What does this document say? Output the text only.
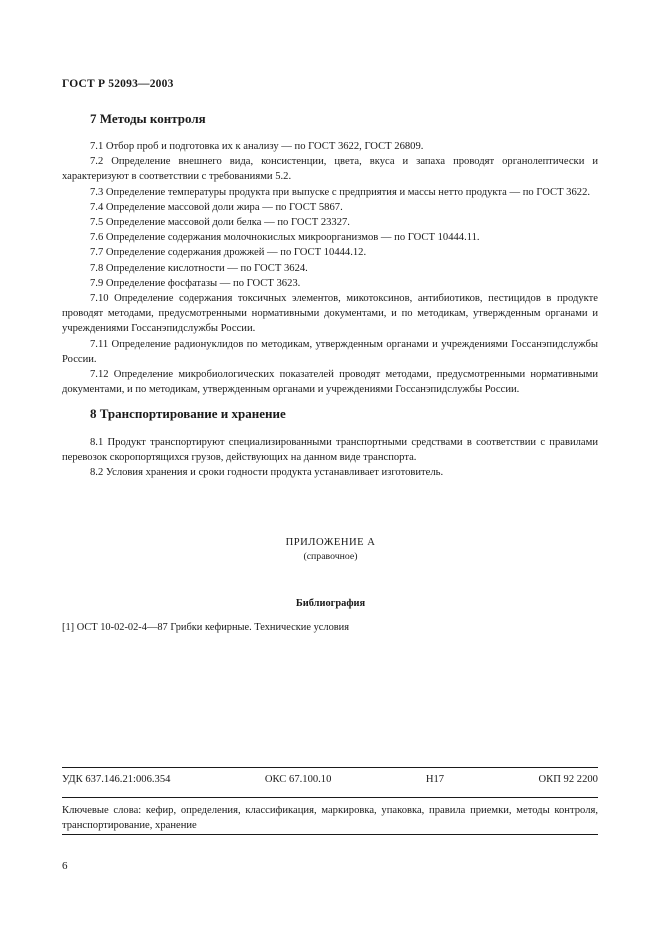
ГОСТ Р 52093—2003
7 Методы контроля

7.1 Отбор проб и подготовка их к анализу — по ГОСТ 3622, ГОСТ 26809.

7.2 Определение внешнего вида, консистенции, цвета, вкуса и запаха проводят органолептически и характеризуют в соответствии с требованиями 5.2.

7.3 Определение температуры продукта при выпуске с предприятия и массы нетто продукта — по ГОСТ 3622.

7.4 Определение массовой доли жира — по ГОСТ 5867.

7.5 Определение массовой доли белка — по ГОСТ 23327.

7.6 Определение содержания молочнокислых микроорганизмов — по ГОСТ 10444.11.

7.7 Определение содержания дрожжей — по ГОСТ 10444.12.

7.8 Определение кислотности — по ГОСТ 3624.

7.9 Определение фосфатазы — по ГОСТ 3623.

7.10 Определение содержания токсичных элементов, микотоксинов, антибиотиков, пестицидов в продукте проводят методами, предусмотренными нормативными документами, и по методикам, утвержденным органами и учреждениями Госсанэпидслужбы России.

7.11 Определение радионуклидов по методикам, утвержденным органами и учреждениями Госсанэпидслужбы России.

7.12 Определение микробиологических показателей проводят методами, предусмотренными нормативными документами, и по методикам, утвержденным органами и учреждениями Госсанэпидслужбы России.

8 Транспортирование и хранение

8.1 Продукт транспортируют специализированными транспортными средствами в соответствии с правилами перевозок скоропортящихся грузов, действующих на данном виде транспорта.

8.2 Условия хранения и сроки годности продукта устанавливает изготовитель.

ПРИЛОЖЕНИЕ А
(справочное)
Библиография
[1] ОСТ 10-02-02-4—87 Грибки кефирные. Технические условия
УДК 637.146.21:006.354	ОКС 67.100.10	Н17	ОКП 92 2200
Ключевые слова: кефир, определения, классификация, маркировка, упаковка, правила приемки, методы контроля, транспортирование, хранение
6
